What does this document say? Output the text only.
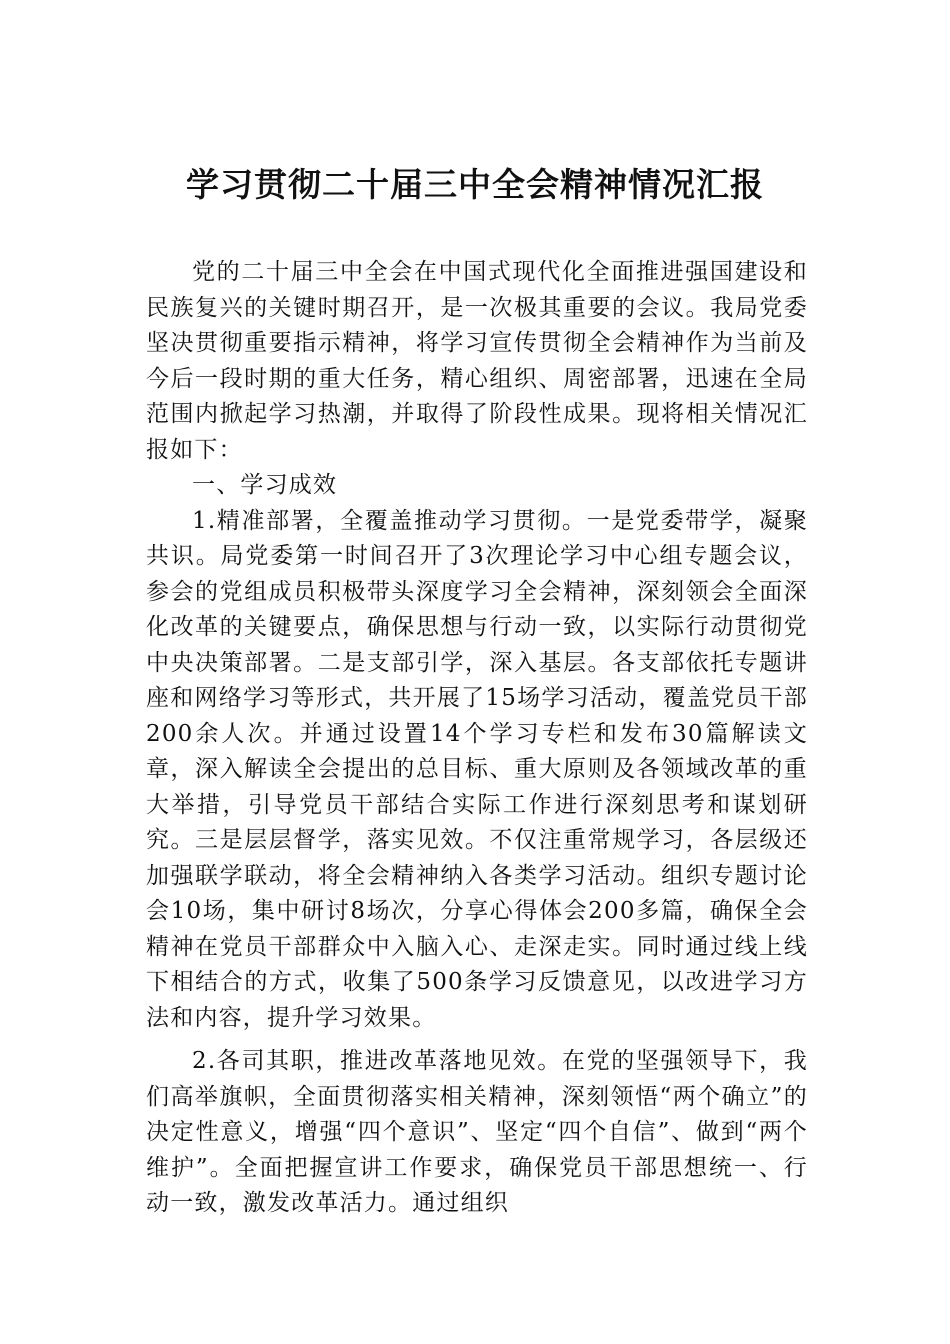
学习贯彻二十届三中全会精神情况汇报

党的二十届三中全会在中国式现代化全面推进强国建设和民族复兴的关键时期召开，是一次极其重要的会议。我局党委坚决贯彻重要指示精神，将学习宣传贯彻全会精神作为当前及今后一段时期的重大任务，精心组织、周密部署，迅速在全局范围内掀起学习热潮，并取得了阶段性成果。现将相关情况汇报如下：

一、学习成效

1.精准部署，全覆盖推动学习贯彻。一是党委带学，凝聚共识。局党委第一时间召开了3次理论学习中心组专题会议，参会的党组成员积极带头深度学习全会精神，深刻领会全面深化改革的关键要点，确保思想与行动一致，以实际行动贯彻党中央决策部署。二是支部引学，深入基层。各支部依托专题讲座和网络学习等形式，共开展了15场学习活动，覆盖党员干部200余人次。并通过设置14个学习专栏和发布30篇解读文章，深入解读全会提出的总目标、重大原则及各领域改革的重大举措，引导党员干部结合实际工作进行深刻思考和谋划研究。三是层层督学，落实见效。不仅注重常规学习，各层级还加强联学联动，将全会精神纳入各类学习活动。组织专题讨论会10场，集中研讨8场次，分享心得体会200多篇，确保全会精神在党员干部群众中入脑入心、走深走实。同时通过线上线下相结合的方式，收集了500条学习反馈意见，以改进学习方法和内容，提升学习效果。

2.各司其职，推进改革落地见效。在党的坚强领导下，我们高举旗帜，全面贯彻落实相关精神，深刻领悟“两个确立”的决定性意义，增强“四个意识”、坚定“四个自信”、做到“两个维护”。全面把握宣讲工作要求，确保党员干部思想统一、行动一致，激发改革活力。通过组织
